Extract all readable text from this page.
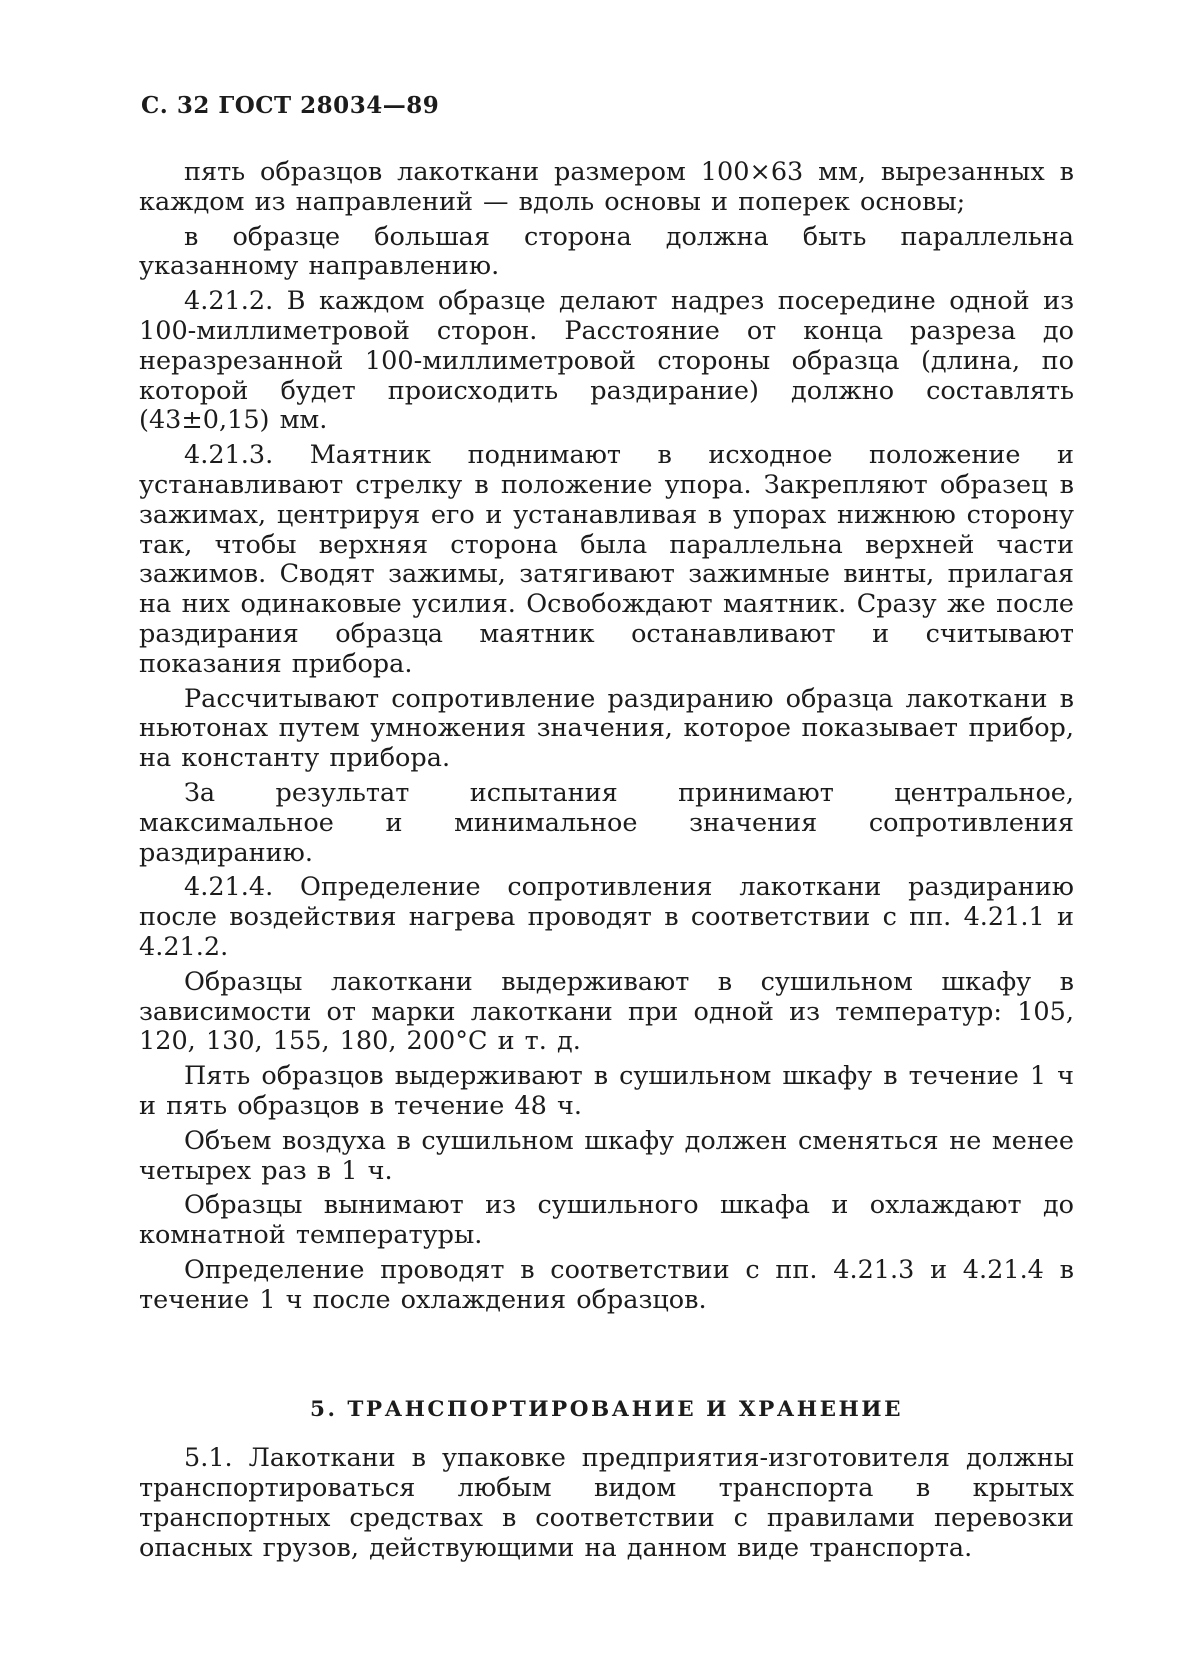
С. 32 ГОСТ 28034—89

пять образцов лакоткани размером 100×63 мм, вырезанных в каждом из направлений — вдоль основы и поперек основы;

в образце большая сторона должна быть параллельна указанному направлению.

4.21.2. В каждом образце делают надрез посередине одной из 100-миллиметровой сторон. Расстояние от конца разреза до неразрезанной 100-миллиметровой стороны образца (длина, по которой будет происходить раздирание) должно составлять (43±0,15) мм.

4.21.3. Маятник поднимают в исходное положение и устанавливают стрелку в положение упора. Закрепляют образец в зажимах, центрируя его и устанавливая в упорах нижнюю сторону так, чтобы верхняя сторона была параллельна верхней части зажимов. Сводят зажимы, затягивают зажимные винты, прилагая на них одинаковые усилия. Освобождают маятник. Сразу же после раздирания образца маятник останавливают и считывают показания прибора.

Рассчитывают сопротивление раздиранию образца лакоткани в ньютонах путем умножения значения, которое показывает прибор, на константу прибора.

За результат испытания принимают центральное, максимальное и минимальное значения сопротивления раздиранию.

4.21.4. Определение сопротивления лакоткани раздиранию после воздействия нагрева проводят в соответствии с пп. 4.21.1 и 4.21.2.

Образцы лакоткани выдерживают в сушильном шкафу в зависимости от марки лакоткани при одной из температур: 105, 120, 130, 155, 180, 200°С и т. д.

Пять образцов выдерживают в сушильном шкафу в течение 1 ч и пять образцов в течение 48 ч.

Объем воздуха в сушильном шкафу должен сменяться не менее четырех раз в 1 ч.

Образцы вынимают из сушильного шкафа и охлаждают до комнатной температуры.

Определение проводят в соответствии с пп. 4.21.3 и 4.21.4 в течение 1 ч после охлаждения образцов.

5. ТРАНСПОРТИРОВАНИЕ И ХРАНЕНИЕ

5.1. Лакоткани в упаковке предприятия-изготовителя должны транспортироваться любым видом транспорта в крытых транспортных средствах в соответствии с правилами перевозки опасных грузов, действующими на данном виде транспорта.
